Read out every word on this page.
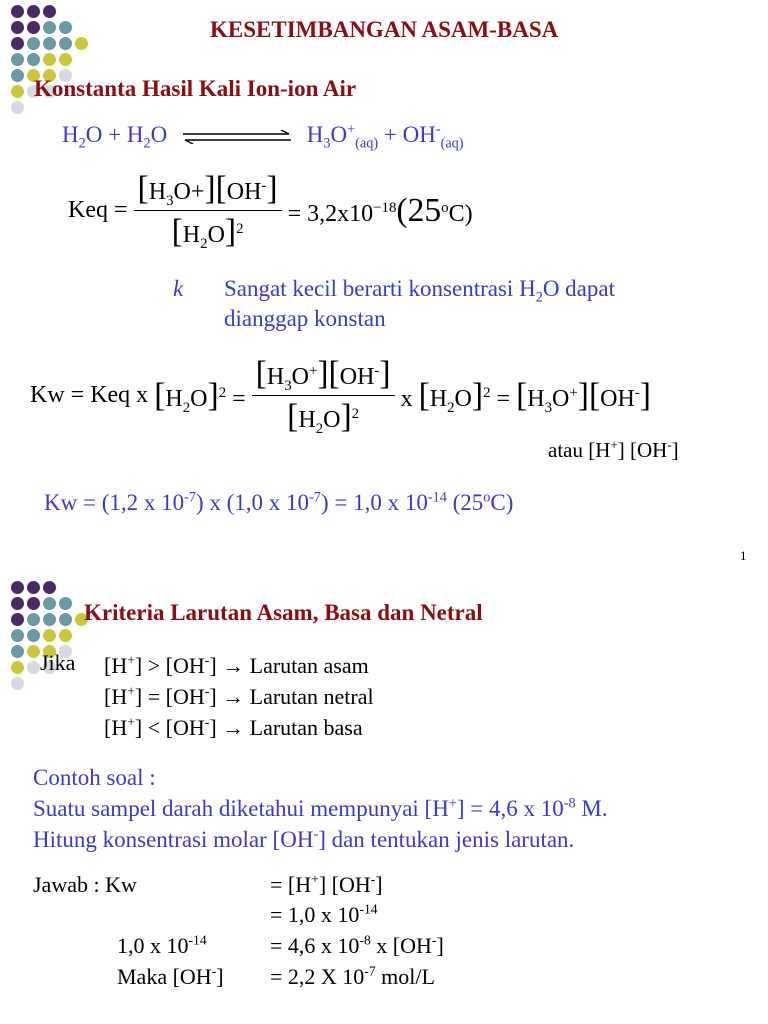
KESETIMBANGAN ASAM-BASA
Konstanta Hasil Kali Ion-ion Air
$H_2O + H_2O$	$H_3O^+_{(aq)} + OH^-_{(aq)}$
Keq = $\frac{[H_3O+][OH^-]}{[H_2O]^2} = 3,2x10^{-18}(25^oC)$
k Sangat kecil berarti konsentrasi $H_2O$ dapat
dianggap konstan
Kw = Keq x $[H_2O]^2 = \frac{[H_3O^+][OH^-]}{[H_2O]^2}$ x $[H_2O]^2 = [H_3O^+][OH^-]$
atau [H+] [OH-]
Kw = (1,2 x $10^{-7}$) x (1,0 x $10^{-7}) = 1,0$ x $10^{-14}$ (25$^o$C)
1
Kriteria Larutan Asam, Basa dan Netral
Jika [H+] > [OH-] → Larutan asam
[H+] = [OH-] → Larutan netral
[H+] < [OH-] → Larutan basa
Contoh soal :
Suatu sampel darah diketahui mempunyai [H+] = 4,6 x $10^{-8}$ M.
Hitung konsentrasi molar [OH-] dan tentukan jenis larutan.
Jawab : Kw	= [H+] [OH-]
= 1,0 x $10^{-14}$
1,0 x $10^{-14}$	= 4,6 x $10^{-8}$ x [OH-]
Maka [OH-] = 2,2 X $10^{-7}$ mol/L
